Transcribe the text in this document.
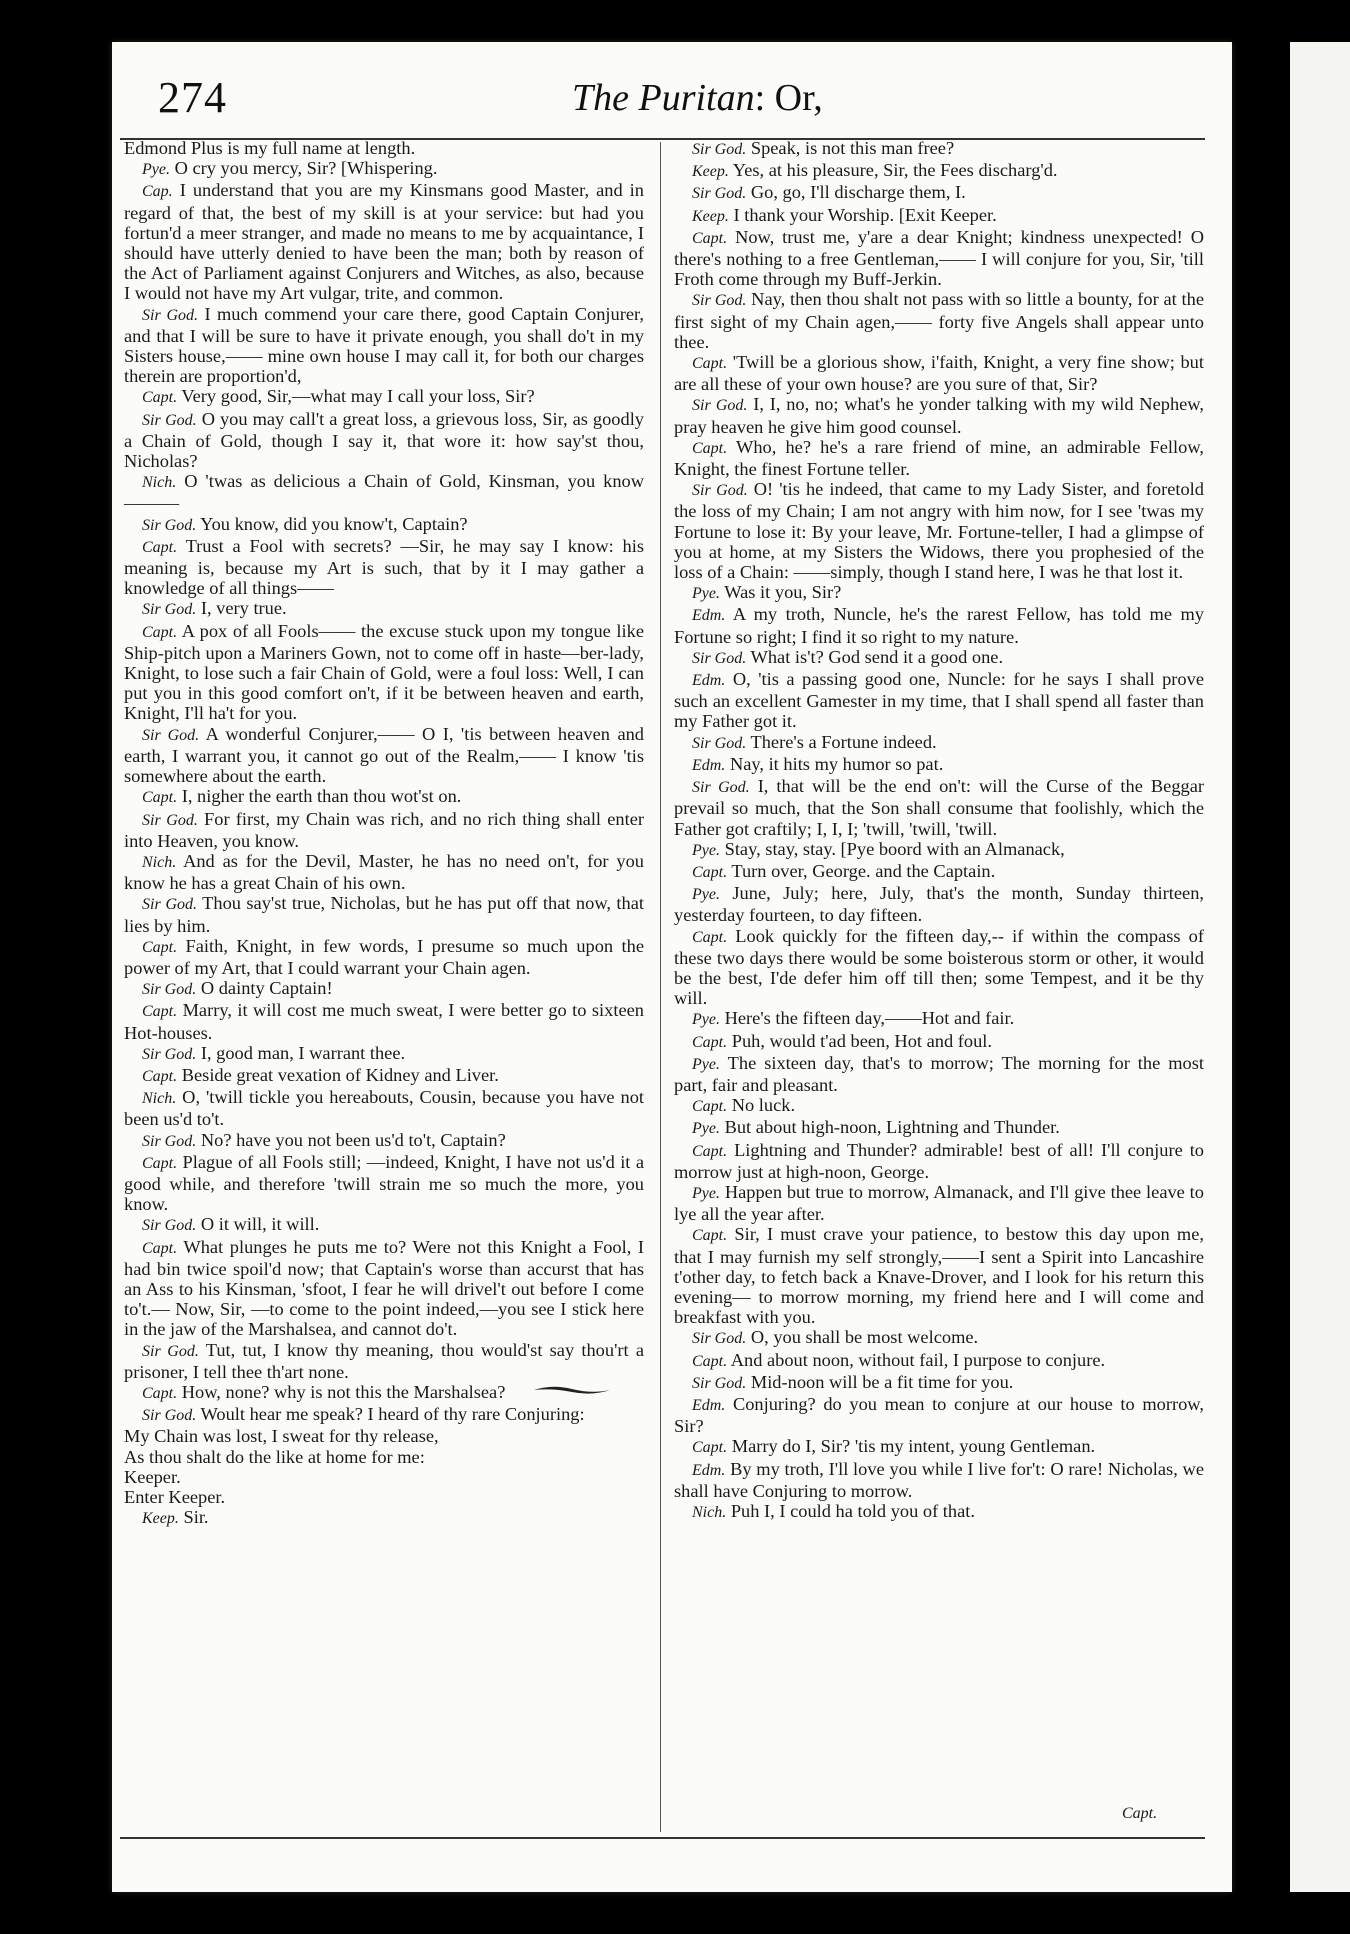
274	The Puritan: Or,

Edmond Plus is my full name at length.

Pye. O cry you mercy, Sir? [Whispering.

Cap. I understand that you are my Kinsmans good Master, and in regard of that, the best of my skill is at your service: but had you fortun'd a meer stranger, and made no means to me by acquaintance, I should have utterly denied to have been the man; both by reason of the Act of Parliament against Conjurers and Witches, as also, because I would not have my Art vulgar, trite, and common.

Sir God. I much commend your care there, good Captain Conjurer, and that I will be sure to have it private enough, you shall do't in my Sisters house,—— mine own house I may call it, for both our charges therein are proportion'd,

Capt. Very good, Sir,—what may I call your loss, Sir?

Sir God. O you may call't a great loss, a grievous loss, Sir, as goodly a Chain of Gold, though I say it, that wore it: how say'st thou, Nicholas?

Nich. O 'twas as delicious a Chain of Gold, Kinsman, you know———

Sir God. You know, did you know't, Captain?

Capt. Trust a Fool with secrets? —Sir, he may say I know: his meaning is, because my Art is such, that by it I may gather a knowledge of all things——

Sir God. I, very true.

Capt. A pox of all Fools—— the excuse stuck upon my tongue like Ship-pitch upon a Mariners Gown, not to come off in haste—ber-lady, Knight, to lose such a fair Chain of Gold, were a foul loss: Well, I can put you in this good comfort on't, if it be between heaven and earth, Knight, I'll ha't for you.

Sir God. A wonderful Conjurer,—— O I, 'tis between heaven and earth, I warrant you, it cannot go out of the Realm,—— I know 'tis somewhere about the earth.

Capt. I, nigher the earth than thou wot'st on.

Sir God. For first, my Chain was rich, and no rich thing shall enter into Heaven, you know.

Nich. And as for the Devil, Master, he has no need on't, for you know he has a great Chain of his own.

Sir God. Thou say'st true, Nicholas, but he has put off that now, that lies by him.

Capt. Faith, Knight, in few words, I presume so much upon the power of my Art, that I could warrant your Chain agen.

Sir God. O dainty Captain!

Capt. Marry, it will cost me much sweat, I were better go to sixteen Hot-houses.

Sir God. I, good man, I warrant thee.

Capt. Beside great vexation of Kidney and Liver.

Nich. O, 'twill tickle you hereabouts, Cousin, because you have not been us'd to't.

Sir God. No? have you not been us'd to't, Captain?

Capt. Plague of all Fools still; —indeed, Knight, I have not us'd it a good while, and therefore 'twill strain me so much the more, you know.

Sir God. O it will, it will.

Capt. What plunges he puts me to? Were not this Knight a Fool, I had bin twice spoil'd now; that Captain's worse than accurst that has an Ass to his Kinsman, 'sfoot, I fear he will drivel't out before I come to't.— Now, Sir, —to come to the point indeed,—you see I stick here in the jaw of the Marshalsea, and cannot do't.

Sir God. Tut, tut, I know thy meaning, thou would'st say thou'rt a prisoner, I tell thee th'art none.

Capt. How, none? why is not this the Marshalsea?

Sir God. Woult hear me speak? I heard of thy rare Conjuring:

My Chain was lost, I sweat for thy release,

As thou shalt do the like at home for me:

Keeper.

Enter Keeper.

Keep. Sir.

Sir God. Speak, is not this man free?

Keep. Yes, at his pleasure, Sir, the Fees discharg'd.

Sir God. Go, go, I'll discharge them, I.

Keep. I thank your Worship. [Exit Keeper.

Capt. Now, trust me, y'are a dear Knight; kindness unexpected! O there's nothing to a free Gentleman,—— I will conjure for you, Sir, 'till Froth come through my Buff-Jerkin.

Sir God. Nay, then thou shalt not pass with so little a bounty, for at the first sight of my Chain agen,—— forty five Angels shall appear unto thee.

Capt. 'Twill be a glorious show, i'faith, Knight, a very fine show; but are all these of your own house? are you sure of that, Sir?

Sir God. I, I, no, no; what's he yonder talking with my wild Nephew, pray heaven he give him good counsel.

Capt. Who, he? he's a rare friend of mine, an admirable Fellow, Knight, the finest Fortune teller.

Sir God. O! 'tis he indeed, that came to my Lady Sister, and foretold the loss of my Chain; I am not angry with him now, for I see 'twas my Fortune to lose it: By your leave, Mr. Fortune-teller, I had a glimpse of you at home, at my Sisters the Widows, there you prophesied of the loss of a Chain: ——simply, though I stand here, I was he that lost it.

Pye. Was it you, Sir?

Edm. A my troth, Nuncle, he's the rarest Fellow, has told me my Fortune so right; I find it so right to my nature.

Sir God. What is't? God send it a good one.

Edm. O, 'tis a passing good one, Nuncle: for he says I shall prove such an excellent Gamester in my time, that I shall spend all faster than my Father got it.

Sir God. There's a Fortune indeed.

Edm. Nay, it hits my humor so pat.

Sir God. I, that will be the end on't: will the Curse of the Beggar prevail so much, that the Son shall consume that foolishly, which the Father got craftily; I, I, I; 'twill, 'twill, 'twill.

Pye. Stay, stay, stay. [Pye boord with an Almanack,

Capt. Turn over, George. and the Captain.

Pye. June, July; here, July, that's the month, Sunday thirteen, yesterday fourteen, to day fifteen.

Capt. Look quickly for the fifteen day,-- if within the compass of these two days there would be some boisterous storm or other, it would be the best, I'de defer him off till then; some Tempest, and it be thy will.

Pye. Here's the fifteen day,——Hot and fair.

Capt. Puh, would t'ad been, Hot and foul.

Pye. The sixteen day, that's to morrow; The morning for the most part, fair and pleasant.

Capt. No luck.

Pye. But about high-noon, Lightning and Thunder.

Capt. Lightning and Thunder? admirable! best of all! I'll conjure to morrow just at high-noon, George.

Pye. Happen but true to morrow, Almanack, and I'll give thee leave to lye all the year after.

Capt. Sir, I must crave your patience, to bestow this day upon me, that I may furnish my self strongly,——I sent a Spirit into Lancashire t'other day, to fetch back a Knave-Drover, and I look for his return this evening— to morrow morning, my friend here and I will come and breakfast with you.

Sir God. O, you shall be most welcome.

Capt. And about noon, without fail, I purpose to conjure.

Sir God. Mid-noon will be a fit time for you.

Edm. Conjuring? do you mean to conjure at our house to morrow, Sir?

Capt. Marry do I, Sir? 'tis my intent, young Gentleman.

Edm. By my troth, I'll love you while I live for't: O rare! Nicholas, we shall have Conjuring to morrow.

Nich. Puh I, I could ha told you of that.

Capt.
